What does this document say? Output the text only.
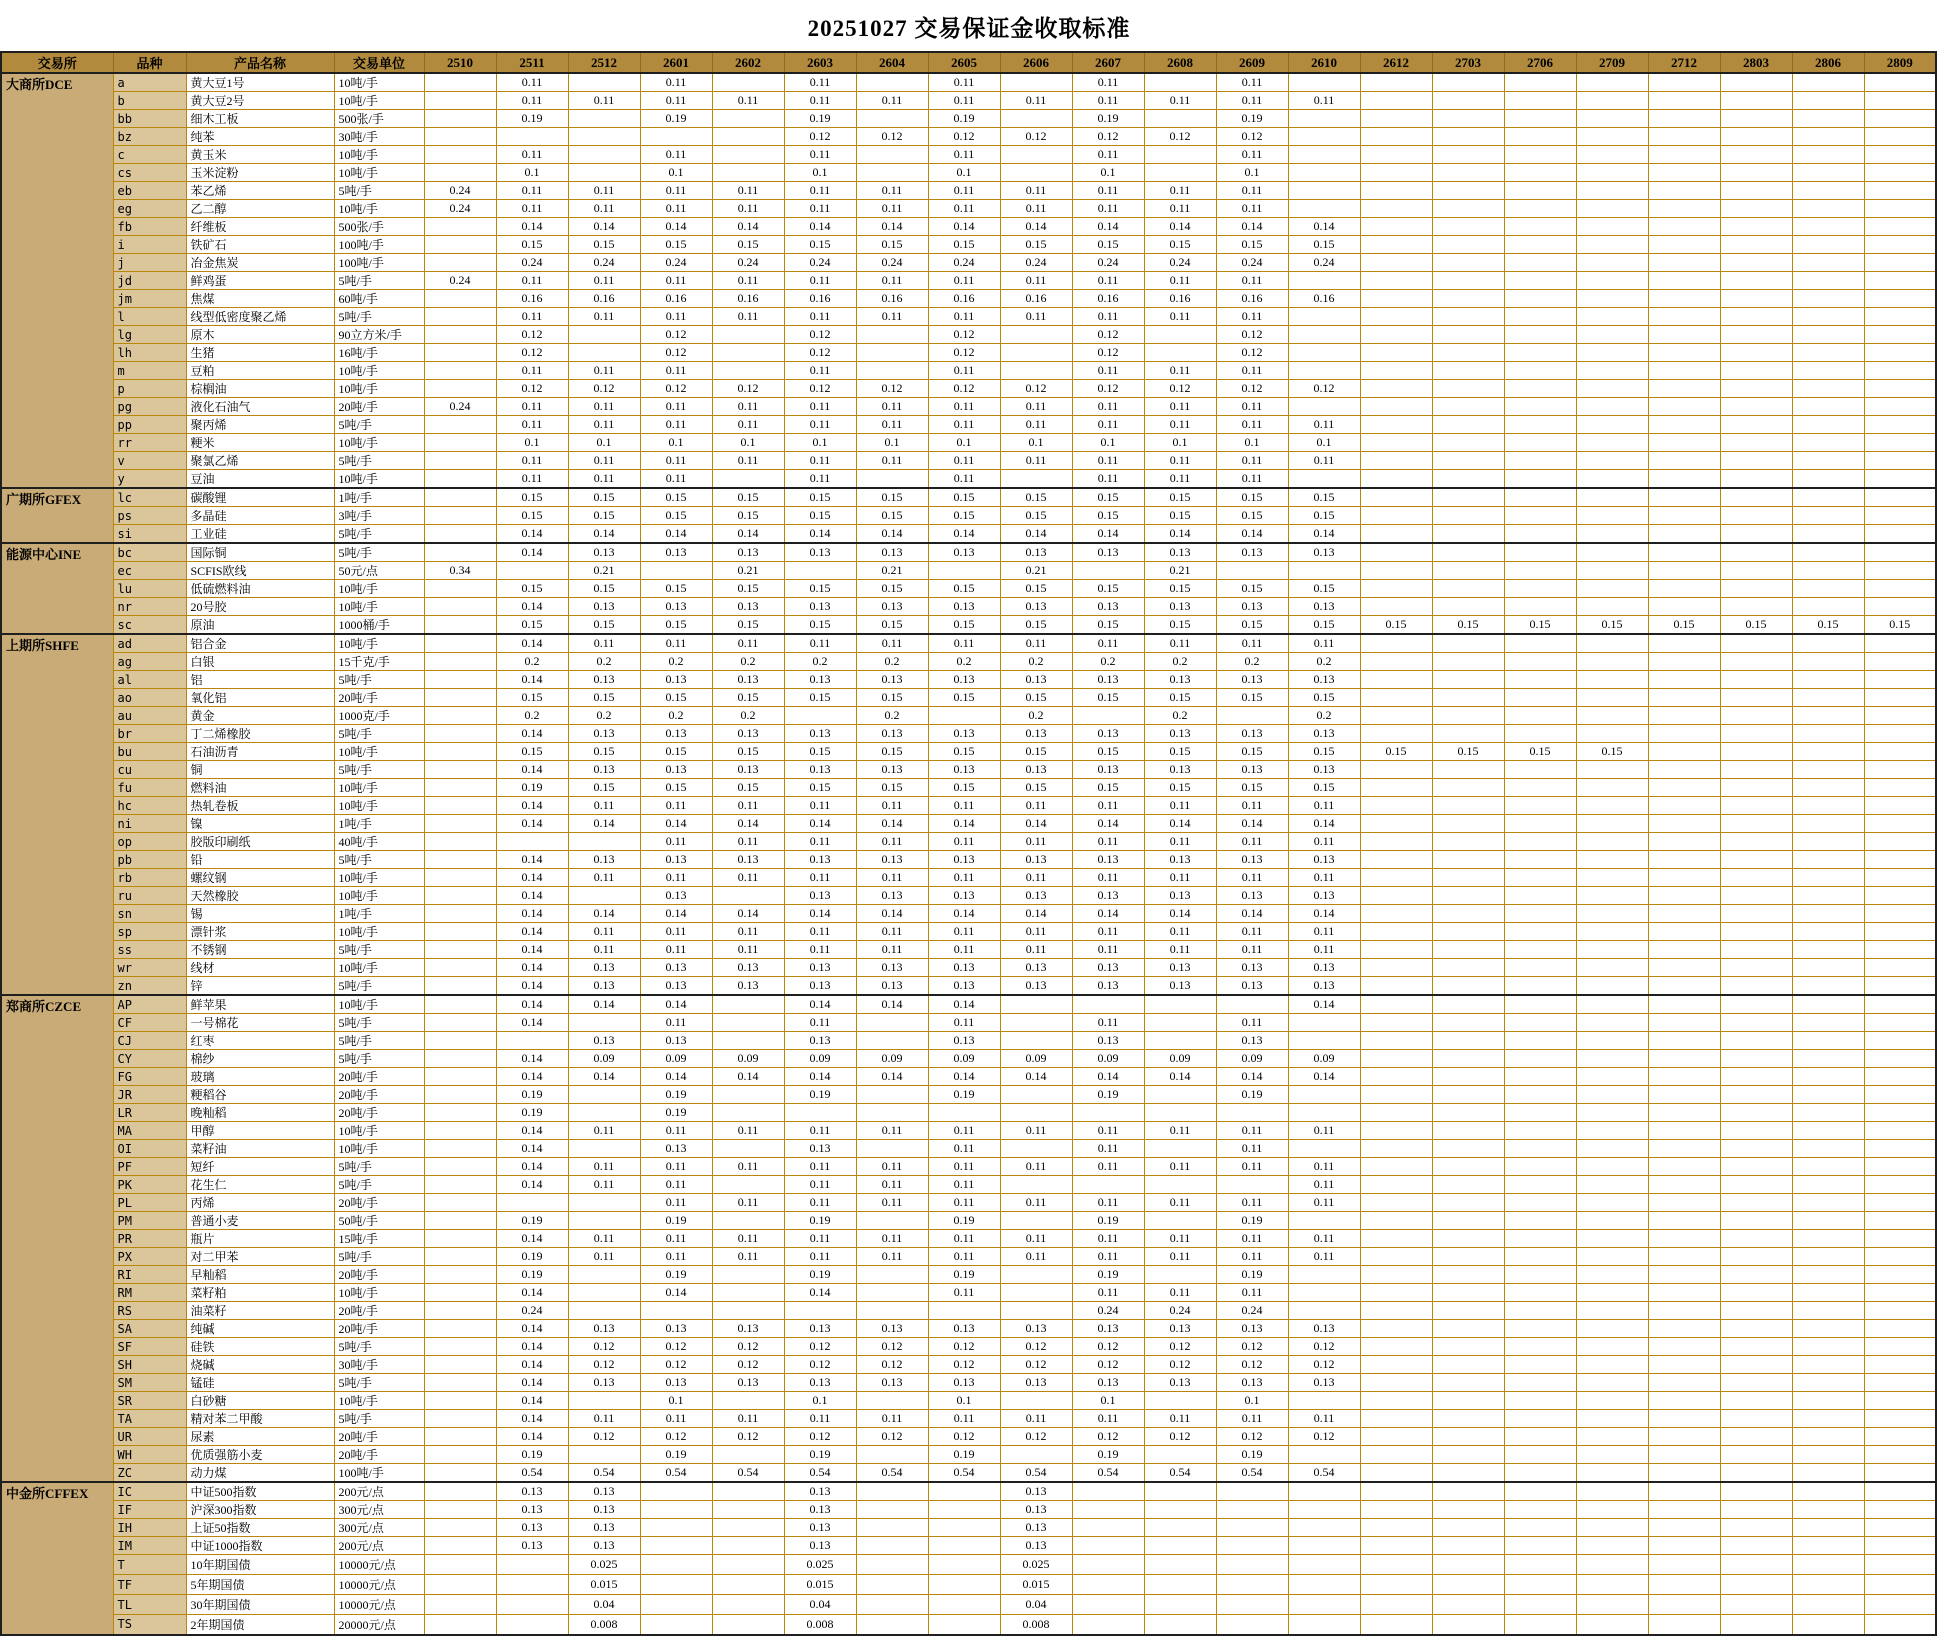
20251027 交易保证金收取标准
交易所	品种	产品名称	交易单位	2510	2511	2512	2601	2602	2603	2604	2605	2606	2607	2608	2609	2610	2612	2703	2706	2709	2712	2803	2806	2809
大商所DCE	a	黄大豆1号	10吨/手		0.11		0.11		0.11		0.11		0.11		0.11									
	b	黄大豆2号	10吨/手		0.11	0.11	0.11	0.11	0.11	0.11	0.11	0.11	0.11	0.11	0.11	0.11								
	bb	细木工板	500张/手		0.19		0.19		0.19		0.19		0.19		0.19									
	bz	纯苯	30吨/手						0.12	0.12	0.12	0.12	0.12	0.12	0.12									
	c	黄玉米	10吨/手		0.11		0.11		0.11		0.11		0.11		0.11									
	cs	玉米淀粉	10吨/手		0.1		0.1		0.1		0.1		0.1		0.1									
	eb	苯乙烯	5吨/手	0.24	0.11	0.11	0.11	0.11	0.11	0.11	0.11	0.11	0.11	0.11	0.11									
	eg	乙二醇	10吨/手	0.24	0.11	0.11	0.11	0.11	0.11	0.11	0.11	0.11	0.11	0.11	0.11									
	fb	纤维板	500张/手		0.14	0.14	0.14	0.14	0.14	0.14	0.14	0.14	0.14	0.14	0.14	0.14								
	i	铁矿石	100吨/手		0.15	0.15	0.15	0.15	0.15	0.15	0.15	0.15	0.15	0.15	0.15	0.15								
	j	冶金焦炭	100吨/手		0.24	0.24	0.24	0.24	0.24	0.24	0.24	0.24	0.24	0.24	0.24	0.24								
	jd	鲜鸡蛋	5吨/手	0.24	0.11	0.11	0.11	0.11	0.11	0.11	0.11	0.11	0.11	0.11	0.11									
	jm	焦煤	60吨/手		0.16	0.16	0.16	0.16	0.16	0.16	0.16	0.16	0.16	0.16	0.16	0.16								
	l	线型低密度聚乙烯	5吨/手		0.11	0.11	0.11	0.11	0.11	0.11	0.11	0.11	0.11	0.11	0.11									
	lg	原木	90立方米/手		0.12		0.12		0.12		0.12		0.12		0.12									
	lh	生猪	16吨/手		0.12		0.12		0.12		0.12		0.12		0.12									
	m	豆粕	10吨/手		0.11	0.11	0.11		0.11		0.11		0.11	0.11	0.11									
	p	棕榈油	10吨/手		0.12	0.12	0.12	0.12	0.12	0.12	0.12	0.12	0.12	0.12	0.12	0.12								
	pg	液化石油气	20吨/手	0.24	0.11	0.11	0.11	0.11	0.11	0.11	0.11	0.11	0.11	0.11	0.11									
	pp	聚丙烯	5吨/手		0.11	0.11	0.11	0.11	0.11	0.11	0.11	0.11	0.11	0.11	0.11	0.11								
	rr	粳米	10吨/手		0.1	0.1	0.1	0.1	0.1	0.1	0.1	0.1	0.1	0.1	0.1	0.1								
	v	聚氯乙烯	5吨/手		0.11	0.11	0.11	0.11	0.11	0.11	0.11	0.11	0.11	0.11	0.11	0.11								
	y	豆油	10吨/手		0.11	0.11	0.11		0.11		0.11		0.11	0.11	0.11									
广期所GFEX	lc	碳酸锂	1吨/手		0.15	0.15	0.15	0.15	0.15	0.15	0.15	0.15	0.15	0.15	0.15	0.15								
	ps	多晶硅	3吨/手		0.15	0.15	0.15	0.15	0.15	0.15	0.15	0.15	0.15	0.15	0.15	0.15								
	si	工业硅	5吨/手		0.14	0.14	0.14	0.14	0.14	0.14	0.14	0.14	0.14	0.14	0.14	0.14								
能源中心INE	bc	国际铜	5吨/手		0.14	0.13	0.13	0.13	0.13	0.13	0.13	0.13	0.13	0.13	0.13	0.13								
	ec	SCFIS欧线	50元/点	0.34		0.21		0.21		0.21		0.21		0.21										
	lu	低硫燃料油	10吨/手		0.15	0.15	0.15	0.15	0.15	0.15	0.15	0.15	0.15	0.15	0.15	0.15								
	nr	20号胶	10吨/手		0.14	0.13	0.13	0.13	0.13	0.13	0.13	0.13	0.13	0.13	0.13	0.13								
	sc	原油	1000桶/手		0.15	0.15	0.15	0.15	0.15	0.15	0.15	0.15	0.15	0.15	0.15	0.15	0.15	0.15	0.15	0.15	0.15	0.15	0.15	0.15
上期所SHFE	ad	铝合金	10吨/手		0.14	0.11	0.11	0.11	0.11	0.11	0.11	0.11	0.11	0.11	0.11	0.11								
	ag	白银	15千克/手		0.2	0.2	0.2	0.2	0.2	0.2	0.2	0.2	0.2	0.2	0.2	0.2								
	al	铝	5吨/手		0.14	0.13	0.13	0.13	0.13	0.13	0.13	0.13	0.13	0.13	0.13	0.13								
	ao	氧化铝	20吨/手		0.15	0.15	0.15	0.15	0.15	0.15	0.15	0.15	0.15	0.15	0.15	0.15								
	au	黄金	1000克/手		0.2	0.2	0.2	0.2		0.2		0.2		0.2		0.2								
	br	丁二烯橡胶	5吨/手		0.14	0.13	0.13	0.13	0.13	0.13	0.13	0.13	0.13	0.13	0.13	0.13								
	bu	石油沥青	10吨/手		0.15	0.15	0.15	0.15	0.15	0.15	0.15	0.15	0.15	0.15	0.15	0.15	0.15	0.15	0.15	0.15				
	cu	铜	5吨/手		0.14	0.13	0.13	0.13	0.13	0.13	0.13	0.13	0.13	0.13	0.13	0.13								
	fu	燃料油	10吨/手		0.19	0.15	0.15	0.15	0.15	0.15	0.15	0.15	0.15	0.15	0.15	0.15								
	hc	热轧卷板	10吨/手		0.14	0.11	0.11	0.11	0.11	0.11	0.11	0.11	0.11	0.11	0.11	0.11								
	ni	镍	1吨/手		0.14	0.14	0.14	0.14	0.14	0.14	0.14	0.14	0.14	0.14	0.14	0.14								
	op	胶版印刷纸	40吨/手				0.11	0.11	0.11	0.11	0.11	0.11	0.11	0.11	0.11	0.11								
	pb	铅	5吨/手		0.14	0.13	0.13	0.13	0.13	0.13	0.13	0.13	0.13	0.13	0.13	0.13								
	rb	螺纹钢	10吨/手		0.14	0.11	0.11	0.11	0.11	0.11	0.11	0.11	0.11	0.11	0.11	0.11								
	ru	天然橡胶	10吨/手		0.14		0.13		0.13	0.13	0.13	0.13	0.13	0.13	0.13	0.13								
	sn	锡	1吨/手		0.14	0.14	0.14	0.14	0.14	0.14	0.14	0.14	0.14	0.14	0.14	0.14								
	sp	漂针浆	10吨/手		0.14	0.11	0.11	0.11	0.11	0.11	0.11	0.11	0.11	0.11	0.11	0.11								
	ss	不锈钢	5吨/手		0.14	0.11	0.11	0.11	0.11	0.11	0.11	0.11	0.11	0.11	0.11	0.11								
	wr	线材	10吨/手		0.14	0.13	0.13	0.13	0.13	0.13	0.13	0.13	0.13	0.13	0.13	0.13								
	zn	锌	5吨/手		0.14	0.13	0.13	0.13	0.13	0.13	0.13	0.13	0.13	0.13	0.13	0.13								
郑商所CZCE	AP	鲜苹果	10吨/手		0.14	0.14	0.14		0.14	0.14	0.14					0.14								
	CF	一号棉花	5吨/手		0.14		0.11		0.11		0.11		0.11		0.11									
	CJ	红枣	5吨/手			0.13	0.13		0.13		0.13		0.13		0.13									
	CY	棉纱	5吨/手		0.14	0.09	0.09	0.09	0.09	0.09	0.09	0.09	0.09	0.09	0.09	0.09								
	FG	玻璃	20吨/手		0.14	0.14	0.14	0.14	0.14	0.14	0.14	0.14	0.14	0.14	0.14	0.14								
	JR	粳稻谷	20吨/手		0.19		0.19		0.19		0.19		0.19		0.19									
	LR	晚籼稻	20吨/手		0.19		0.19																	
	MA	甲醇	10吨/手		0.14	0.11	0.11	0.11	0.11	0.11	0.11	0.11	0.11	0.11	0.11	0.11								
	OI	菜籽油	10吨/手		0.14		0.13		0.13		0.11		0.11		0.11									
	PF	短纤	5吨/手		0.14	0.11	0.11	0.11	0.11	0.11	0.11	0.11	0.11	0.11	0.11	0.11								
	PK	花生仁	5吨/手		0.14	0.11	0.11		0.11	0.11	0.11					0.11								
	PL	丙烯	20吨/手				0.11	0.11	0.11	0.11	0.11	0.11	0.11	0.11	0.11	0.11								
	PM	普通小麦	50吨/手		0.19		0.19		0.19		0.19		0.19		0.19									
	PR	瓶片	15吨/手		0.14	0.11	0.11	0.11	0.11	0.11	0.11	0.11	0.11	0.11	0.11	0.11								
	PX	对二甲苯	5吨/手		0.19	0.11	0.11	0.11	0.11	0.11	0.11	0.11	0.11	0.11	0.11	0.11								
	RI	早籼稻	20吨/手		0.19		0.19		0.19		0.19		0.19		0.19									
	RM	菜籽粕	10吨/手		0.14		0.14		0.14		0.11		0.11	0.11	0.11									
	RS	油菜籽	20吨/手		0.24								0.24	0.24	0.24									
	SA	纯碱	20吨/手		0.14	0.13	0.13	0.13	0.13	0.13	0.13	0.13	0.13	0.13	0.13	0.13								
	SF	硅铁	5吨/手		0.14	0.12	0.12	0.12	0.12	0.12	0.12	0.12	0.12	0.12	0.12	0.12								
	SH	烧碱	30吨/手		0.14	0.12	0.12	0.12	0.12	0.12	0.12	0.12	0.12	0.12	0.12	0.12								
	SM	锰硅	5吨/手		0.14	0.13	0.13	0.13	0.13	0.13	0.13	0.13	0.13	0.13	0.13	0.13								
	SR	白砂糖	10吨/手		0.14		0.1		0.1		0.1		0.1		0.1									
	TA	精对苯二甲酸	5吨/手		0.14	0.11	0.11	0.11	0.11	0.11	0.11	0.11	0.11	0.11	0.11	0.11								
	UR	尿素	20吨/手		0.14	0.12	0.12	0.12	0.12	0.12	0.12	0.12	0.12	0.12	0.12	0.12								
	WH	优质强筋小麦	20吨/手		0.19		0.19		0.19		0.19		0.19		0.19									
	ZC	动力煤	100吨/手		0.54	0.54	0.54	0.54	0.54	0.54	0.54	0.54	0.54	0.54	0.54	0.54								
中金所CFFEX	IC	中证500指数	200元/点		0.13	0.13			0.13			0.13												
	IF	沪深300指数	300元/点		0.13	0.13			0.13			0.13												
	IH	上证50指数	300元/点		0.13	0.13			0.13			0.13												
	IM	中证1000指数	200元/点		0.13	0.13			0.13			0.13												
	T	10年期国债	10000元/点			0.025			0.025			0.025												
	TF	5年期国债	10000元/点			0.015			0.015			0.015												
	TL	30年期国债	10000元/点			0.04			0.04			0.04												
	TS	2年期国债	20000元/点			0.008			0.008			0.008												
